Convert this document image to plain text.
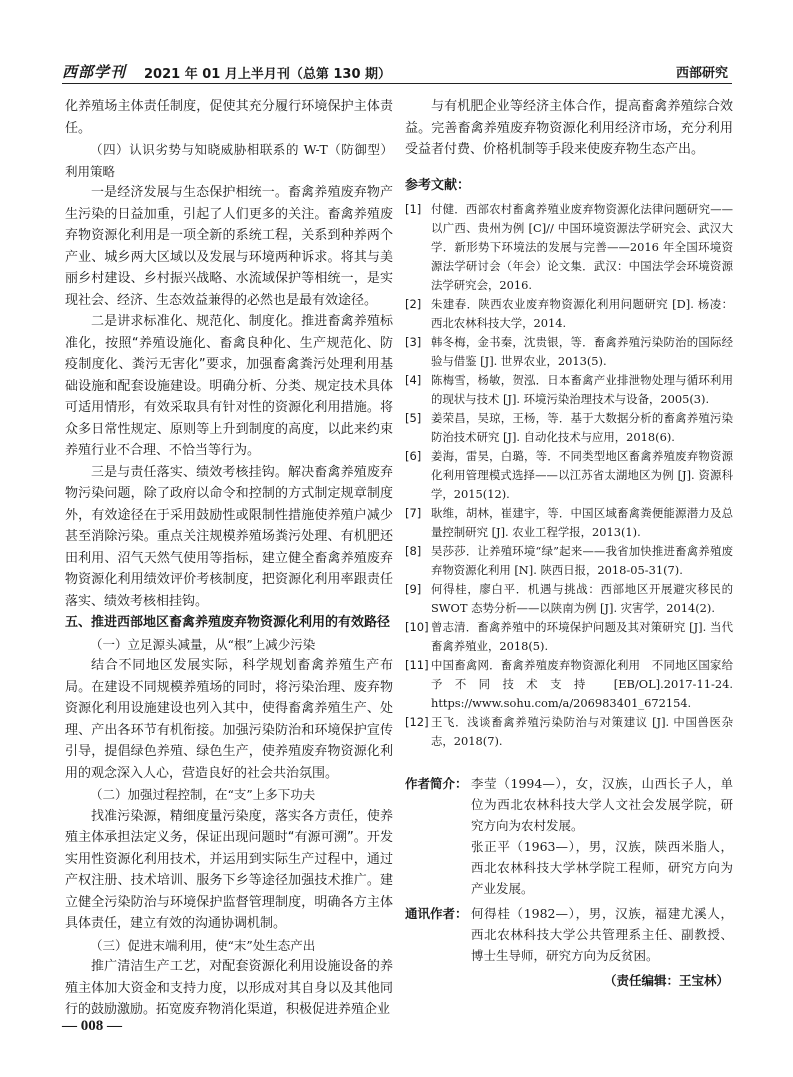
西部学刊 2021 年 01 月上半月刊（总第 130 期）	西部研究

化养殖场主体责任制度，促使其充分履行环境保护主体责任。

（四）认识劣势与知晓威胁相联系的 W-T（防御型）利用策略

一是经济发展与生态保护相统一。畜禽养殖废弃物产生污染的日益加重，引起了人们更多的关注。畜禽养殖废弃物资源化利用是一项全新的系统工程，关系到种养两个产业、城乡两大区域以及发展与环境两种诉求。将其与美丽乡村建设、乡村振兴战略、水流域保护等相统一，是实现社会、经济、生态效益兼得的必然也是最有效途径。

二是讲求标准化、规范化、制度化。推进畜禽养殖标准化，按照“养殖设施化、畜禽良种化、生产规范化、防疫制度化、粪污无害化”要求，加强畜禽粪污处理利用基础设施和配套设施建设。明确分析、分类、规定技术具体可适用情形，有效采取具有针对性的资源化利用措施。将众多日常性规定、原则等上升到制度的高度，以此来约束养殖行业不合理、不恰当等行为。

三是与责任落实、绩效考核挂钩。解决畜禽养殖废弃物污染问题，除了政府以命令和控制的方式制定规章制度外，有效途径在于采用鼓励性或限制性措施使养殖户减少甚至消除污染。重点关注规模养殖场粪污处理、有机肥还田利用、沼气天然气使用等指标，建立健全畜禽养殖废弃物资源化利用绩效评价考核制度，把资源化利用率跟责任落实、绩效考核相挂钩。

五、推进西部地区畜禽养殖废弃物资源化利用的有效路径

（一）立足源头减量，从“根”上减少污染

结合不同地区发展实际，科学规划畜禽养殖生产布局。在建设不同规模养殖场的同时，将污染治理、废弃物资源化利用设施建设也列入其中，使得畜禽养殖生产、处理、产出各环节有机衔接。加强污染防治和环境保护宣传引导，提倡绿色养殖、绿色生产，使养殖废弃物资源化利用的观念深入人心，营造良好的社会共治氛围。

（二）加强过程控制，在“支”上多下功夫

找准污染源，精细度量污染度，落实各方责任，使养殖主体承担法定义务，保证出现问题时“有源可溯”。开发实用性资源化利用技术，并运用到实际生产过程中，通过产权注册、技术培训、服务下乡等途径加强技术推广。建立健全污染防治与环境保护监督管理制度，明确各方主体具体责任，建立有效的沟通协调机制。

（三）促进末端利用，使“末”处生态产出

推广清洁生产工艺，对配套资源化利用设施设备的养殖主体加大资金和支持力度，以形成对其自身以及其他同行的鼓励激励。拓宽废弃物消化渠道，积极促进养殖企业

与有机肥企业等经济主体合作，提高畜禽养殖综合效益。完善畜禽养殖废弃物资源化利用经济市场，充分利用受益者付费、价格机制等手段来使废弃物生态产出。

参考文献：
[1] 付健．西部农村畜禽养殖业废弃物资源化法律问题研究——以广西、贵州为例 [C]// 中国环境资源法学研究会、武汉大学．新形势下环境法的发展与完善——2016 年全国环境资源法学研讨会（年会）论文集．武汉：中国法学会环境资源法学研究会，2016.
[2] 朱建春．陕西农业废弃物资源化利用问题研究 [D]. 杨凌：西北农林科技大学，2014.
[3] 韩冬梅，金书秦，沈贵银，等．畜禽养殖污染防治的国际经验与借鉴 [J]. 世界农业，2013(5).
[4] 陈梅雪，杨敏，贺泓．日本畜禽产业排泄物处理与循环利用的现状与技术 [J]. 环境污染治理技术与设备，2005(3).
[5] 姜荣昌，吴琼，王杨，等．基于大数据分析的畜禽养殖污染防治技术研究 [J]. 自动化技术与应用，2018(6).
[6] 姜海，雷昊，白璐，等．不同类型地区畜禽养殖废弃物资源化利用管理模式选择——以江苏省太湖地区为例 [J]. 资源科学，2015(12).
[7] 耿维，胡林，崔建宇，等．中国区域畜禽粪便能源潜力及总量控制研究 [J]. 农业工程学报，2013(1).
[8] 吴莎莎．让养殖环境“绿”起来——我省加快推进畜禽养殖废弃物资源化利用 [N]. 陕西日报，2018-05-31(7).
[9] 何得桂，廖白平．机遇与挑战：西部地区开展避灾移民的 SWOT 态势分析——以陕南为例 [J]. 灾害学，2014(2).
[10] 曾志清．畜禽养殖中的环境保护问题及其对策研究 [J]. 当代畜禽养殖业，2018(5).
[11] 中国畜禽网．畜禽养殖废弃物资源化利用　不同地区国家给予不同技术支持 [EB/OL].2017-11-24. https://www.sohu.com/a/206983401_672154.
[12] 王飞．浅谈畜禽养殖污染防治与对策建议 [J]. 中国兽医杂志，2018(7).
作者简介： 李莹（1994—），女，汉族，山西长子人，单位为西北农林科技大学人文社会发展学院，研究方向为农村发展。

张正平（1963—），男，汉族，陕西米脂人，西北农林科技大学林学院工程师，研究方向为产业发展。

通讯作者： 何得桂（1982—），男，汉族，福建尤溪人，西北农林科技大学公共管理系主任、副教授、博士生导师，研究方向为反贫困。

（责任编辑：王宝林）
— 008 —
